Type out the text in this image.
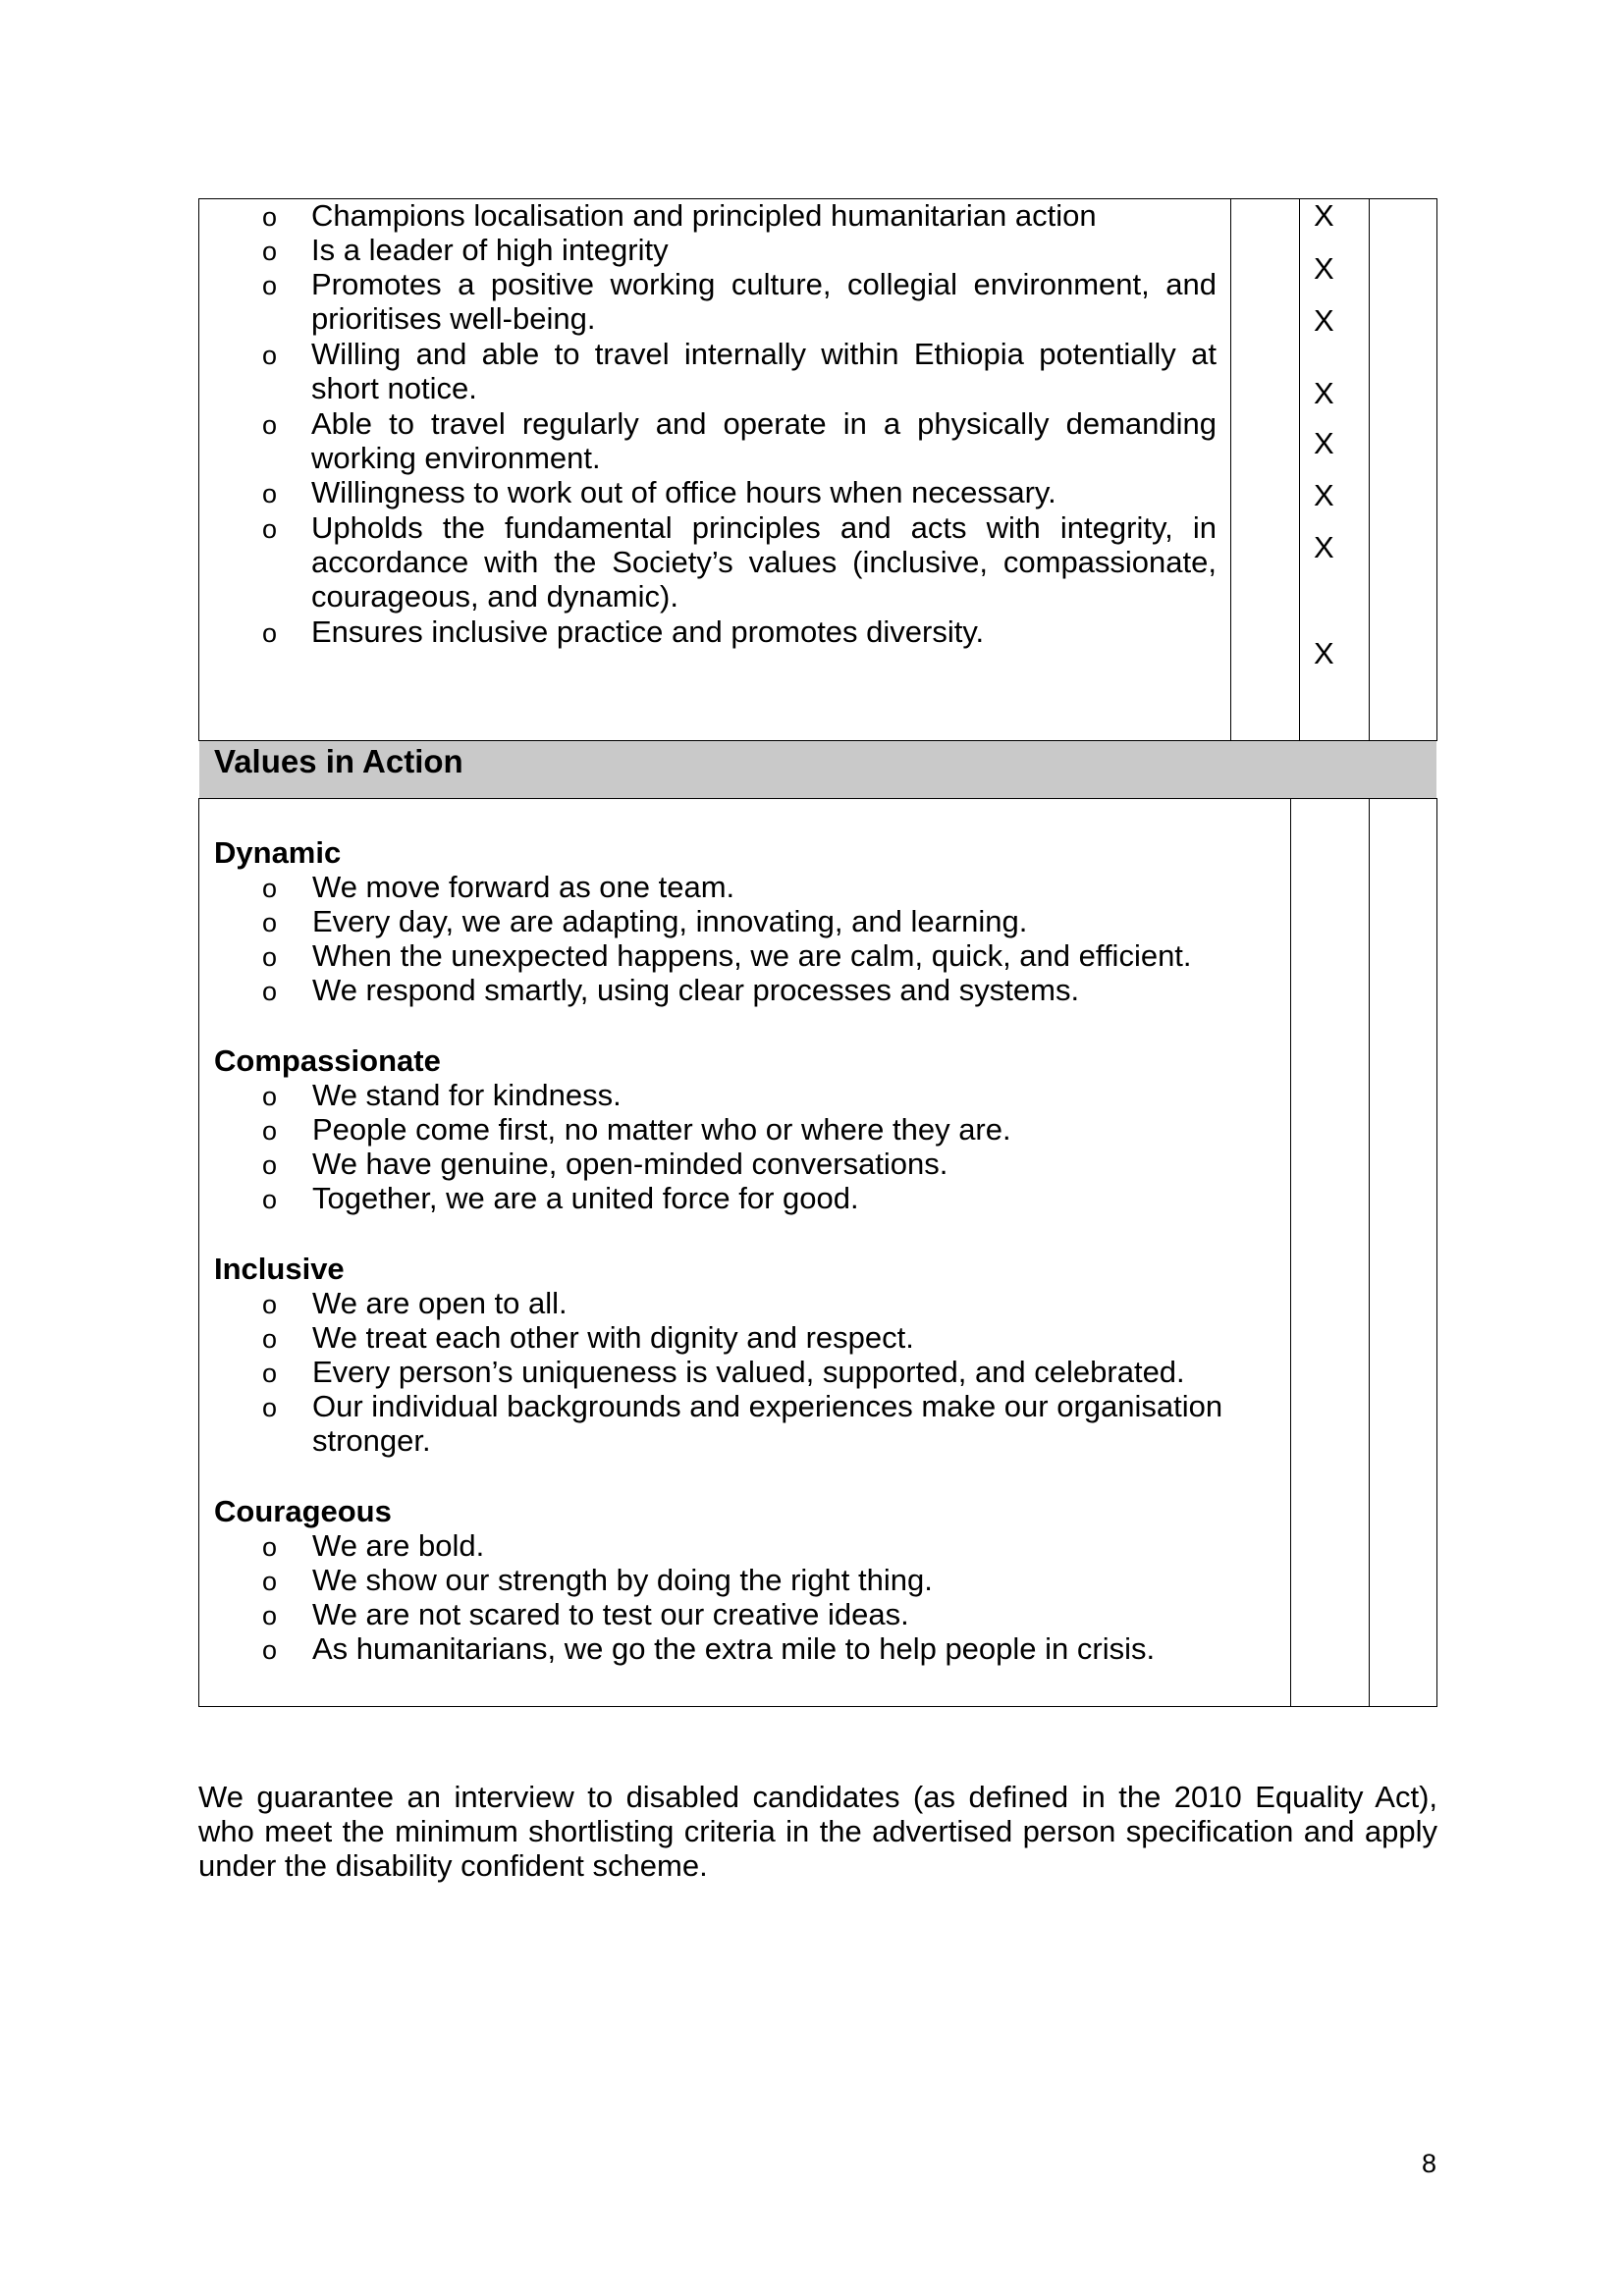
o Champions localisation and principled humanitarian action
o Is a leader of high integrity
o Promotes a positive working culture, collegial environment, and prioritises well-being.
o Willing and able to travel internally within Ethiopia potentially at short notice.
o Able to travel regularly and operate in a physically demanding working environment.
o Willingness to work out of office hours when necessary.
o Upholds the fundamental principles and acts with integrity, in accordance with the Society’s values (inclusive, compassionate, courageous, and dynamic).
o Ensures inclusive practice and promotes diversity.
X
X
X
X
X
X
X
X
Values in Action
Dynamic
o We move forward as one team.
o Every day, we are adapting, innovating, and learning.
o When the unexpected happens, we are calm, quick, and efficient.
o We respond smartly, using clear processes and systems.
Compassionate
o We stand for kindness.
o People come first, no matter who or where they are.
o We have genuine, open-minded conversations.
o Together, we are a united force for good.
Inclusive
o We are open to all.
o We treat each other with dignity and respect.
o Every person’s uniqueness is valued, supported, and celebrated.
o Our individual backgrounds and experiences make our organisation stronger.
Courageous
o We are bold.
o We show our strength by doing the right thing.
o We are not scared to test our creative ideas.
o As humanitarians, we go the extra mile to help people in crisis.
We guarantee an interview to disabled candidates (as defined in the 2010 Equality Act), who meet the minimum shortlisting criteria in the advertised person specification and apply under the disability confident scheme.
8
